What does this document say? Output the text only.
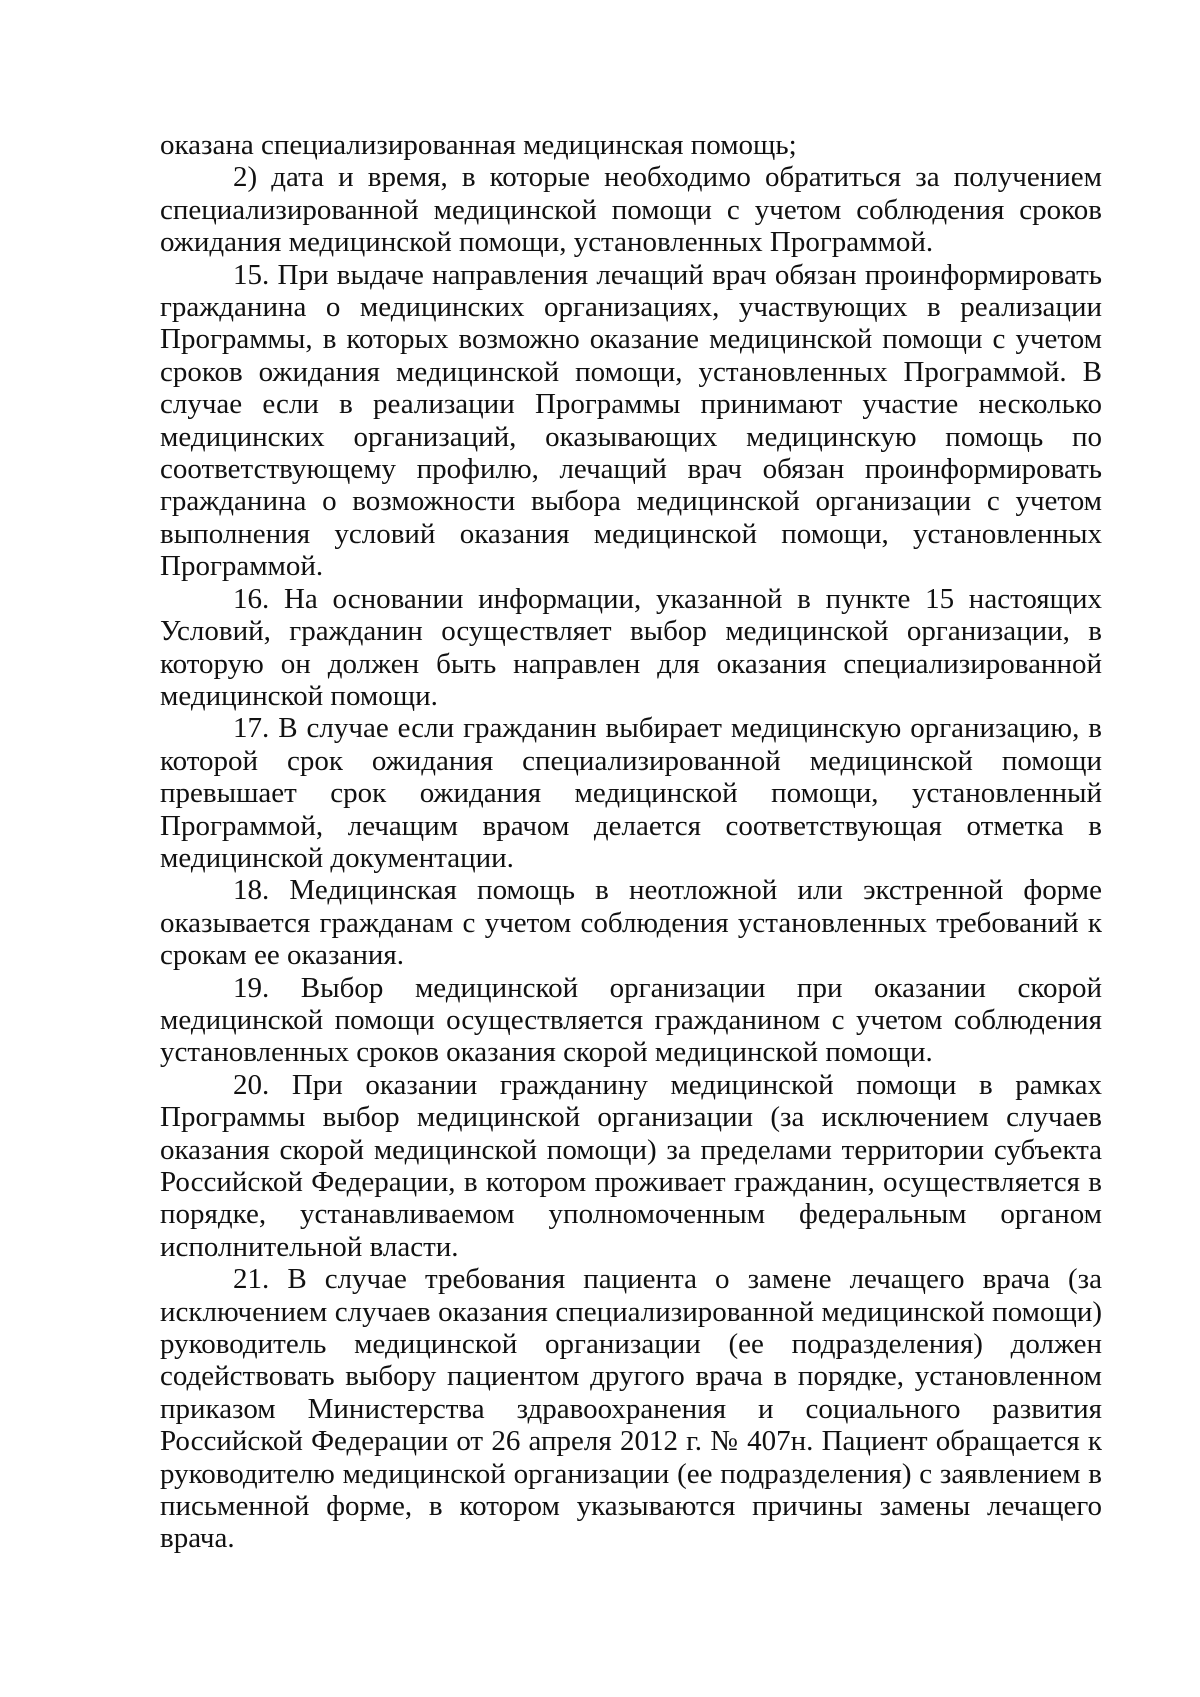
оказана специализированная медицинская помощь;

2) дата и время, в которые необходимо обратиться за получением специализированной медицинской помощи с учетом соблюдения сроков ожидания медицинской помощи, установленных Программой.

15. При выдаче направления лечащий врач обязан проинформировать гражданина о медицинских организациях, участвующих в реализации Программы, в которых возможно оказание медицинской помощи с учетом сроков ожидания медицинской помощи, установленных Программой. В случае если в реализации Программы принимают участие несколько медицинских организаций, оказывающих медицинскую помощь по соответствующему профилю, лечащий врач обязан проинформировать гражданина о возможности выбора медицинской организации с учетом выполнения условий оказания медицинской помощи, установленных Программой.

16. На основании информации, указанной в пункте 15 настоящих Условий, гражданин осуществляет выбор медицинской организации, в которую он должен быть направлен для оказания специализированной медицинской помощи.

17. В случае если гражданин выбирает медицинскую организацию, в которой срок ожидания специализированной медицинской помощи превышает срок ожидания медицинской помощи, установленный Программой, лечащим врачом делается соответствующая отметка в медицинской документации.

18. Медицинская помощь в неотложной или экстренной форме оказывается гражданам с учетом соблюдения установленных требований к срокам ее оказания.

19. Выбор медицинской организации при оказании скорой медицинской помощи осуществляется гражданином с учетом соблюдения установленных сроков оказания скорой медицинской помощи.

20. При оказании гражданину медицинской помощи в рамках Программы выбор медицинской организации (за исключением случаев оказания скорой медицинской помощи) за пределами территории субъекта Российской Федерации, в котором проживает гражданин, осуществляется в порядке, устанавливаемом уполномоченным федеральным органом исполнительной власти.

21. В случае требования пациента о замене лечащего врача (за исключением случаев оказания специализированной медицинской помощи) руководитель медицинской организации (ее подразделения) должен содействовать выбору пациентом другого врача в порядке, установленном приказом Министерства здравоохранения и социального развития Российской Федерации от 26 апреля 2012 г. № 407н. Пациент обращается к руководителю медицинской организации (ее подразделения) с заявлением в письменной форме, в котором указываются причины замены лечащего врача.
